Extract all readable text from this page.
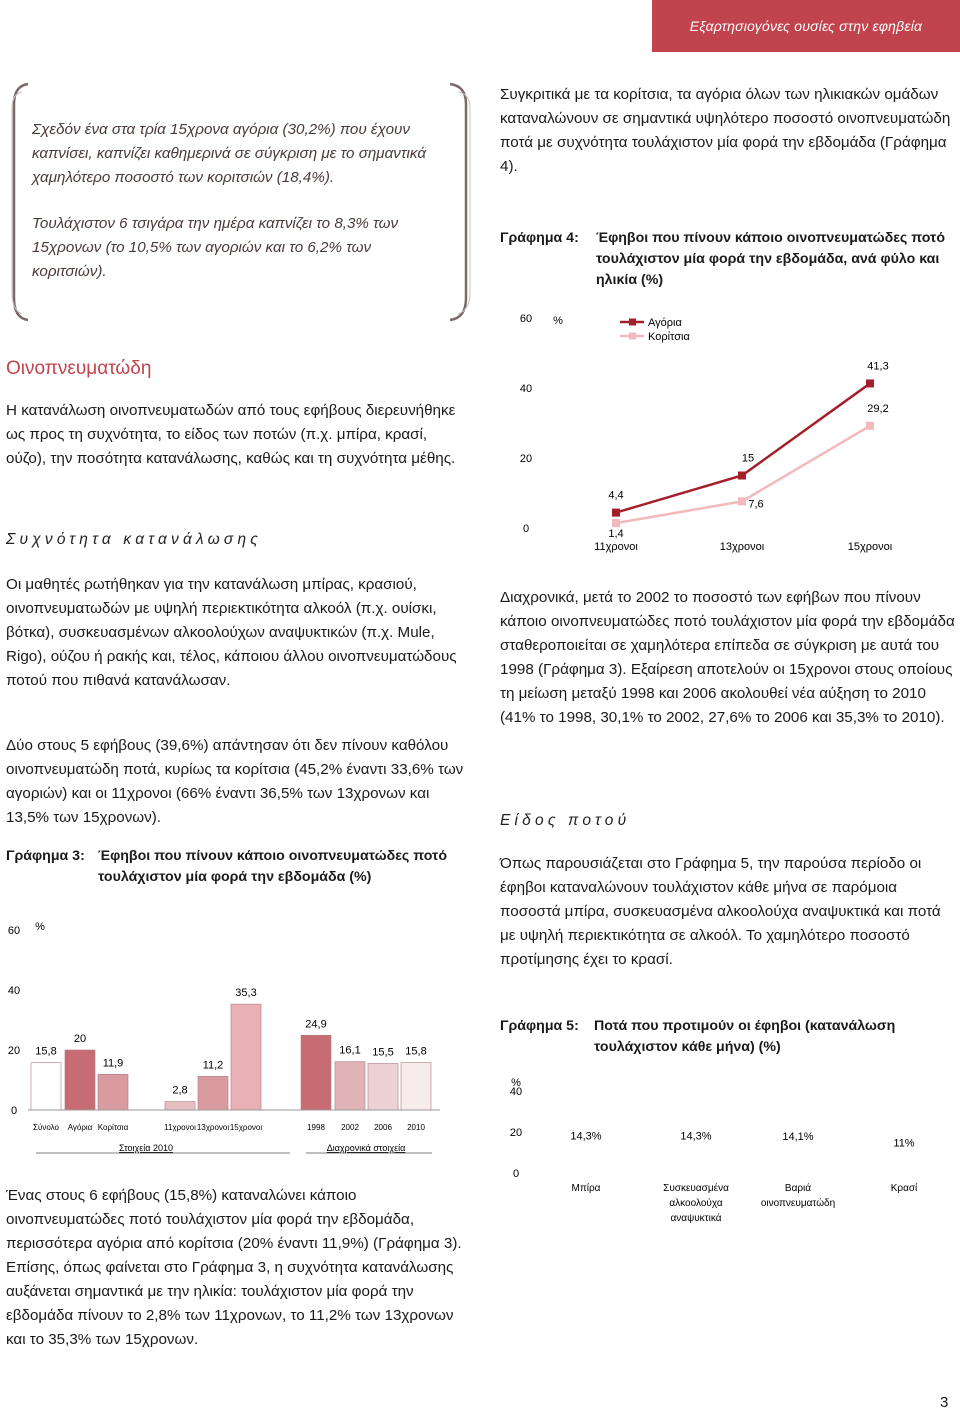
Εξαρτησιογόνες ουσίες στην εφηβεία

Σχεδόν ένα στα τρία 15χρονα αγόρια (30,2%) που έχουν καπνίσει, καπνίζει καθημερινά σε σύγκριση με το σημαντικά χαμηλότερο ποσοστό των κοριτσιών (18,4%).

Τουλάχιστον 6 τσιγάρα την ημέρα καπνίζει το 8,3% των 15χρονων (το 10,5% των αγοριών και το 6,2% των κοριτσιών).

Οινοπνευματώδη

Η κατανάλωση οινοπνευματωδών από τους εφήβους διερευνήθηκε ως προς τη συχνότητα, το είδος των ποτών (π.χ. μπίρα, κρασί, ούζο), την ποσότητα κατανάλωσης, καθώς και τη συχνότητα μέθης.

Συχνότητα κατανάλωσης

Οι μαθητές ρωτήθηκαν για την κατανάλωση μπίρας, κρασιού, οινοπνευματωδών με υψηλή περιεκτικότητα αλκοόλ (π.χ. ουίσκι, βότκα), συσκευασμένων αλκοολούχων αναψυκτικών (π.χ. Mule, Rigo), ούζου ή ρακής και, τέλος, κάποιου άλλου οινοπνευματώδους ποτού που πιθανά κατανάλωσαν.

Δύο στους 5 εφήβους (39,6%) απάντησαν ότι δεν πίνουν καθόλου οινοπνευματώδη ποτά, κυρίως τα κορίτσια (45,2% έναντι 33,6% των αγοριών) και οι 11χρονοι (66% έναντι 36,5% των 13χρονων και 13,5% των 15χρονων).

Γράφημα 3: Έφηβοι που πίνουν κάποιο οινοπνευματώδες ποτό τουλάχιστον μία φορά την εβδομάδα (%)
0
20
40
60 %
15,8
Σύνολο
20
Αγόρια
11,9
Κορίτσια
2,8
11χρονοι
11,2
13χρονοι
35,3
15χρονοι
24,9
1998
16,1
2002
15,5
2006
15,8
2010
Στοιχεία 2010	Διαχρονικά στοιχεία

Ένας στους 6 εφήβους (15,8%) καταναλώνει κάποιο οινοπνευματώδες ποτό τουλάχιστον μία φορά την εβδομάδα, περισσότερα αγόρια από κορίτσια (20% έναντι 11,9%) (Γράφημα 3). Επίσης, όπως φαίνεται στο Γράφημα 3, η συχνότητα κατανάλωσης αυξάνεται σημαντικά με την ηλικία: τουλάχιστον μία φορά την εβδομάδα πίνουν το 2,8% των 11χρονων, το 11,2% των 13χρονων και το 35,3% των 15χρονων.

Συγκριτικά με τα κορίτσια, τα αγόρια όλων των ηλικιακών ομάδων καταναλώνουν σε σημαντικά υψηλότερο ποσοστό οινοπνευματώδη ποτά με συχνότητα τουλάχιστον μία φορά την εβδομάδα (Γράφημα 4).

Γράφημα 4: Έφηβοι που πίνουν κάποιο οινοπνευματώδες ποτό τουλάχιστον μία φορά την εβδομάδα, ανά φύλο και ηλικία (%)
0
20
40
60 %
11χρονοι	13χρονοι	15χρονοι
Αγόρια
Κορίτσια
4,4
15
41,3
1,4
7,6
29,2

Διαχρονικά, μετά το 2002 το ποσοστό των εφήβων που πίνουν κάποιο οινοπνευματώδες ποτό τουλάχιστον μία φορά την εβδομάδα σταθεροποιείται σε χαμηλότερα επίπεδα σε σύγκριση με αυτά του 1998 (Γράφημα 3). Εξαίρεση αποτελούν οι 15χρονοι στους οποίους τη μείωση μεταξύ 1998 και 2006 ακολουθεί νέα αύξηση το 2010 (41% το 1998, 30,1% το 2002, 27,6% το 2006 και 35,3% το 2010).

Είδος ποτού

Όπως παρουσιάζεται στο Γράφημα 5, την παρούσα περίοδο οι έφηβοι καταναλώνουν τουλάχιστον κάθε μήνα σε παρόμοια ποσοστά μπίρα, συσκευασμένα αλκοολούχα αναψυκτικά και ποτά με υψηλή περιεκτικότητα σε αλκοόλ. Το χαμηλότερο ποσοστό προτίμησης έχει το κρασί.

Γράφημα 5: Ποτά που προτιμούν οι έφηβοι (κατανάλωση τουλάχιστον κάθε μήνα) (%)
%
0
20
40
14,3%	14,3%	14,1%
11%
Μπίρα	Συσκευασμένα αλκοολούχα αναψυκτικά
Βαριά οινοπνευματώδη
Κρασί
3
